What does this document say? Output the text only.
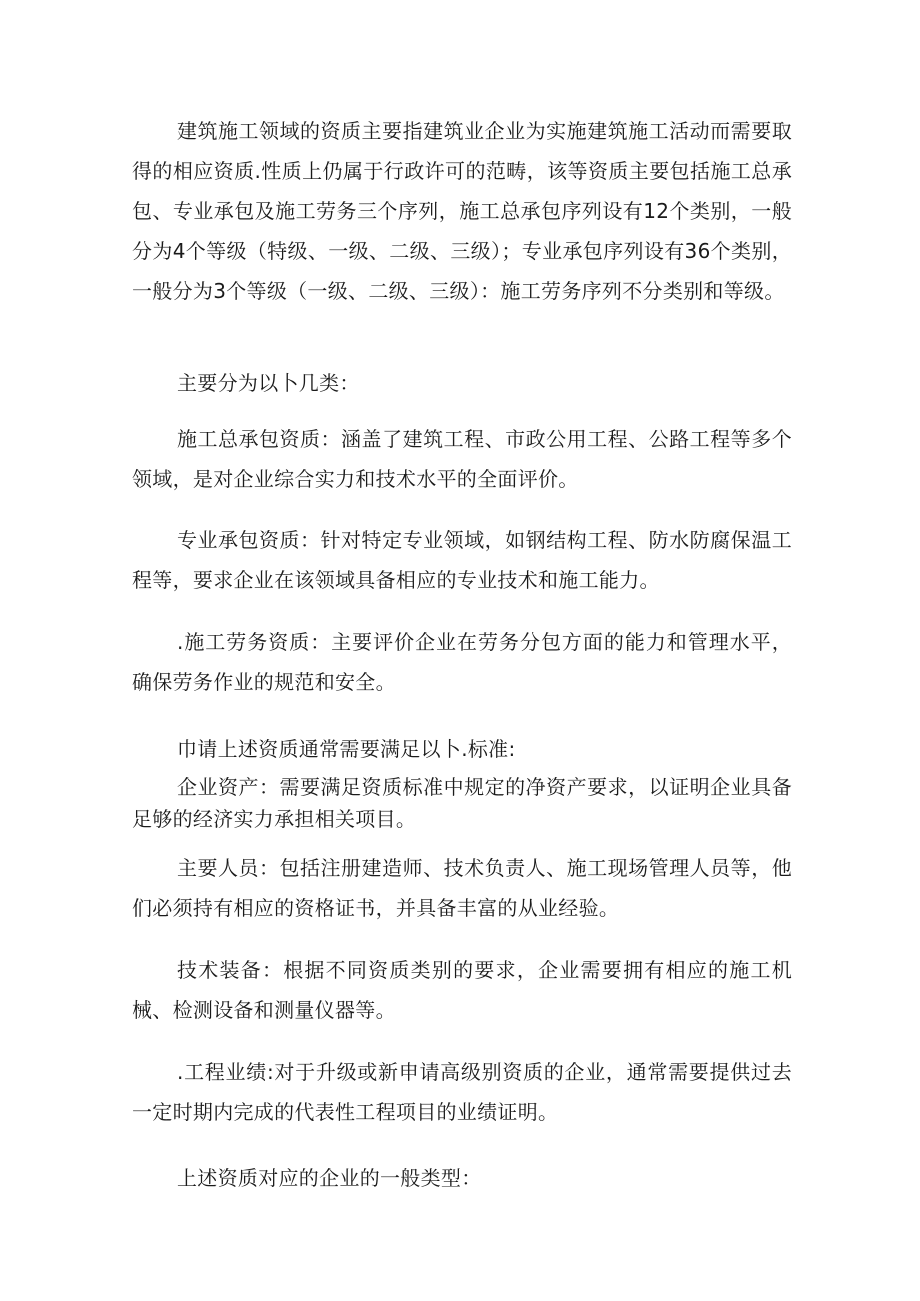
建筑施工领域的资质主要指建筑业企业为实施建筑施工活动而需要取得的相应资质.性质上仍属于行政许可的范畴，该等资质主要包括施工总承包、专业承包及施工劳务三个序列，施工总承包序列设有12个类别，一般分为4个等级（特级、一级、二级、三级）；专业承包序列设有36个类别，一般分为3个等级（一级、二级、三级）：施工劳务序列不分类别和等级。

主要分为以卜几类：

施工总承包资质：涵盖了建筑工程、市政公用工程、公路工程等多个领域，是对企业综合实力和技术水平的全面评价。

专业承包资质：针对特定专业领域，如钢结构工程、防水防腐保温工程等，要求企业在该领域具备相应的专业技术和施工能力。

.施工劳务资质：主要评价企业在劳务分包方面的能力和管理水平，确保劳务作业的规范和安全。

巾请上述资质通常需要满足以卜.标准:

企业资产：需要满足资质标准中规定的净资产要求，以证明企业具备足够的经济实力承担相关项目。

主要人员：包括注册建造师、技术负责人、施工现场管理人员等，他们必须持有相应的资格证书，并具备丰富的从业经验。

技术装备：根据不同资质类别的要求，企业需要拥有相应的施工机械、检测设备和测量仪器等。

.工程业绩:对于升级或新申请高级别资质的企业，通常需要提供过去一定时期内完成的代表性工程项目的业绩证明。

上述资质对应的企业的一般类型：
